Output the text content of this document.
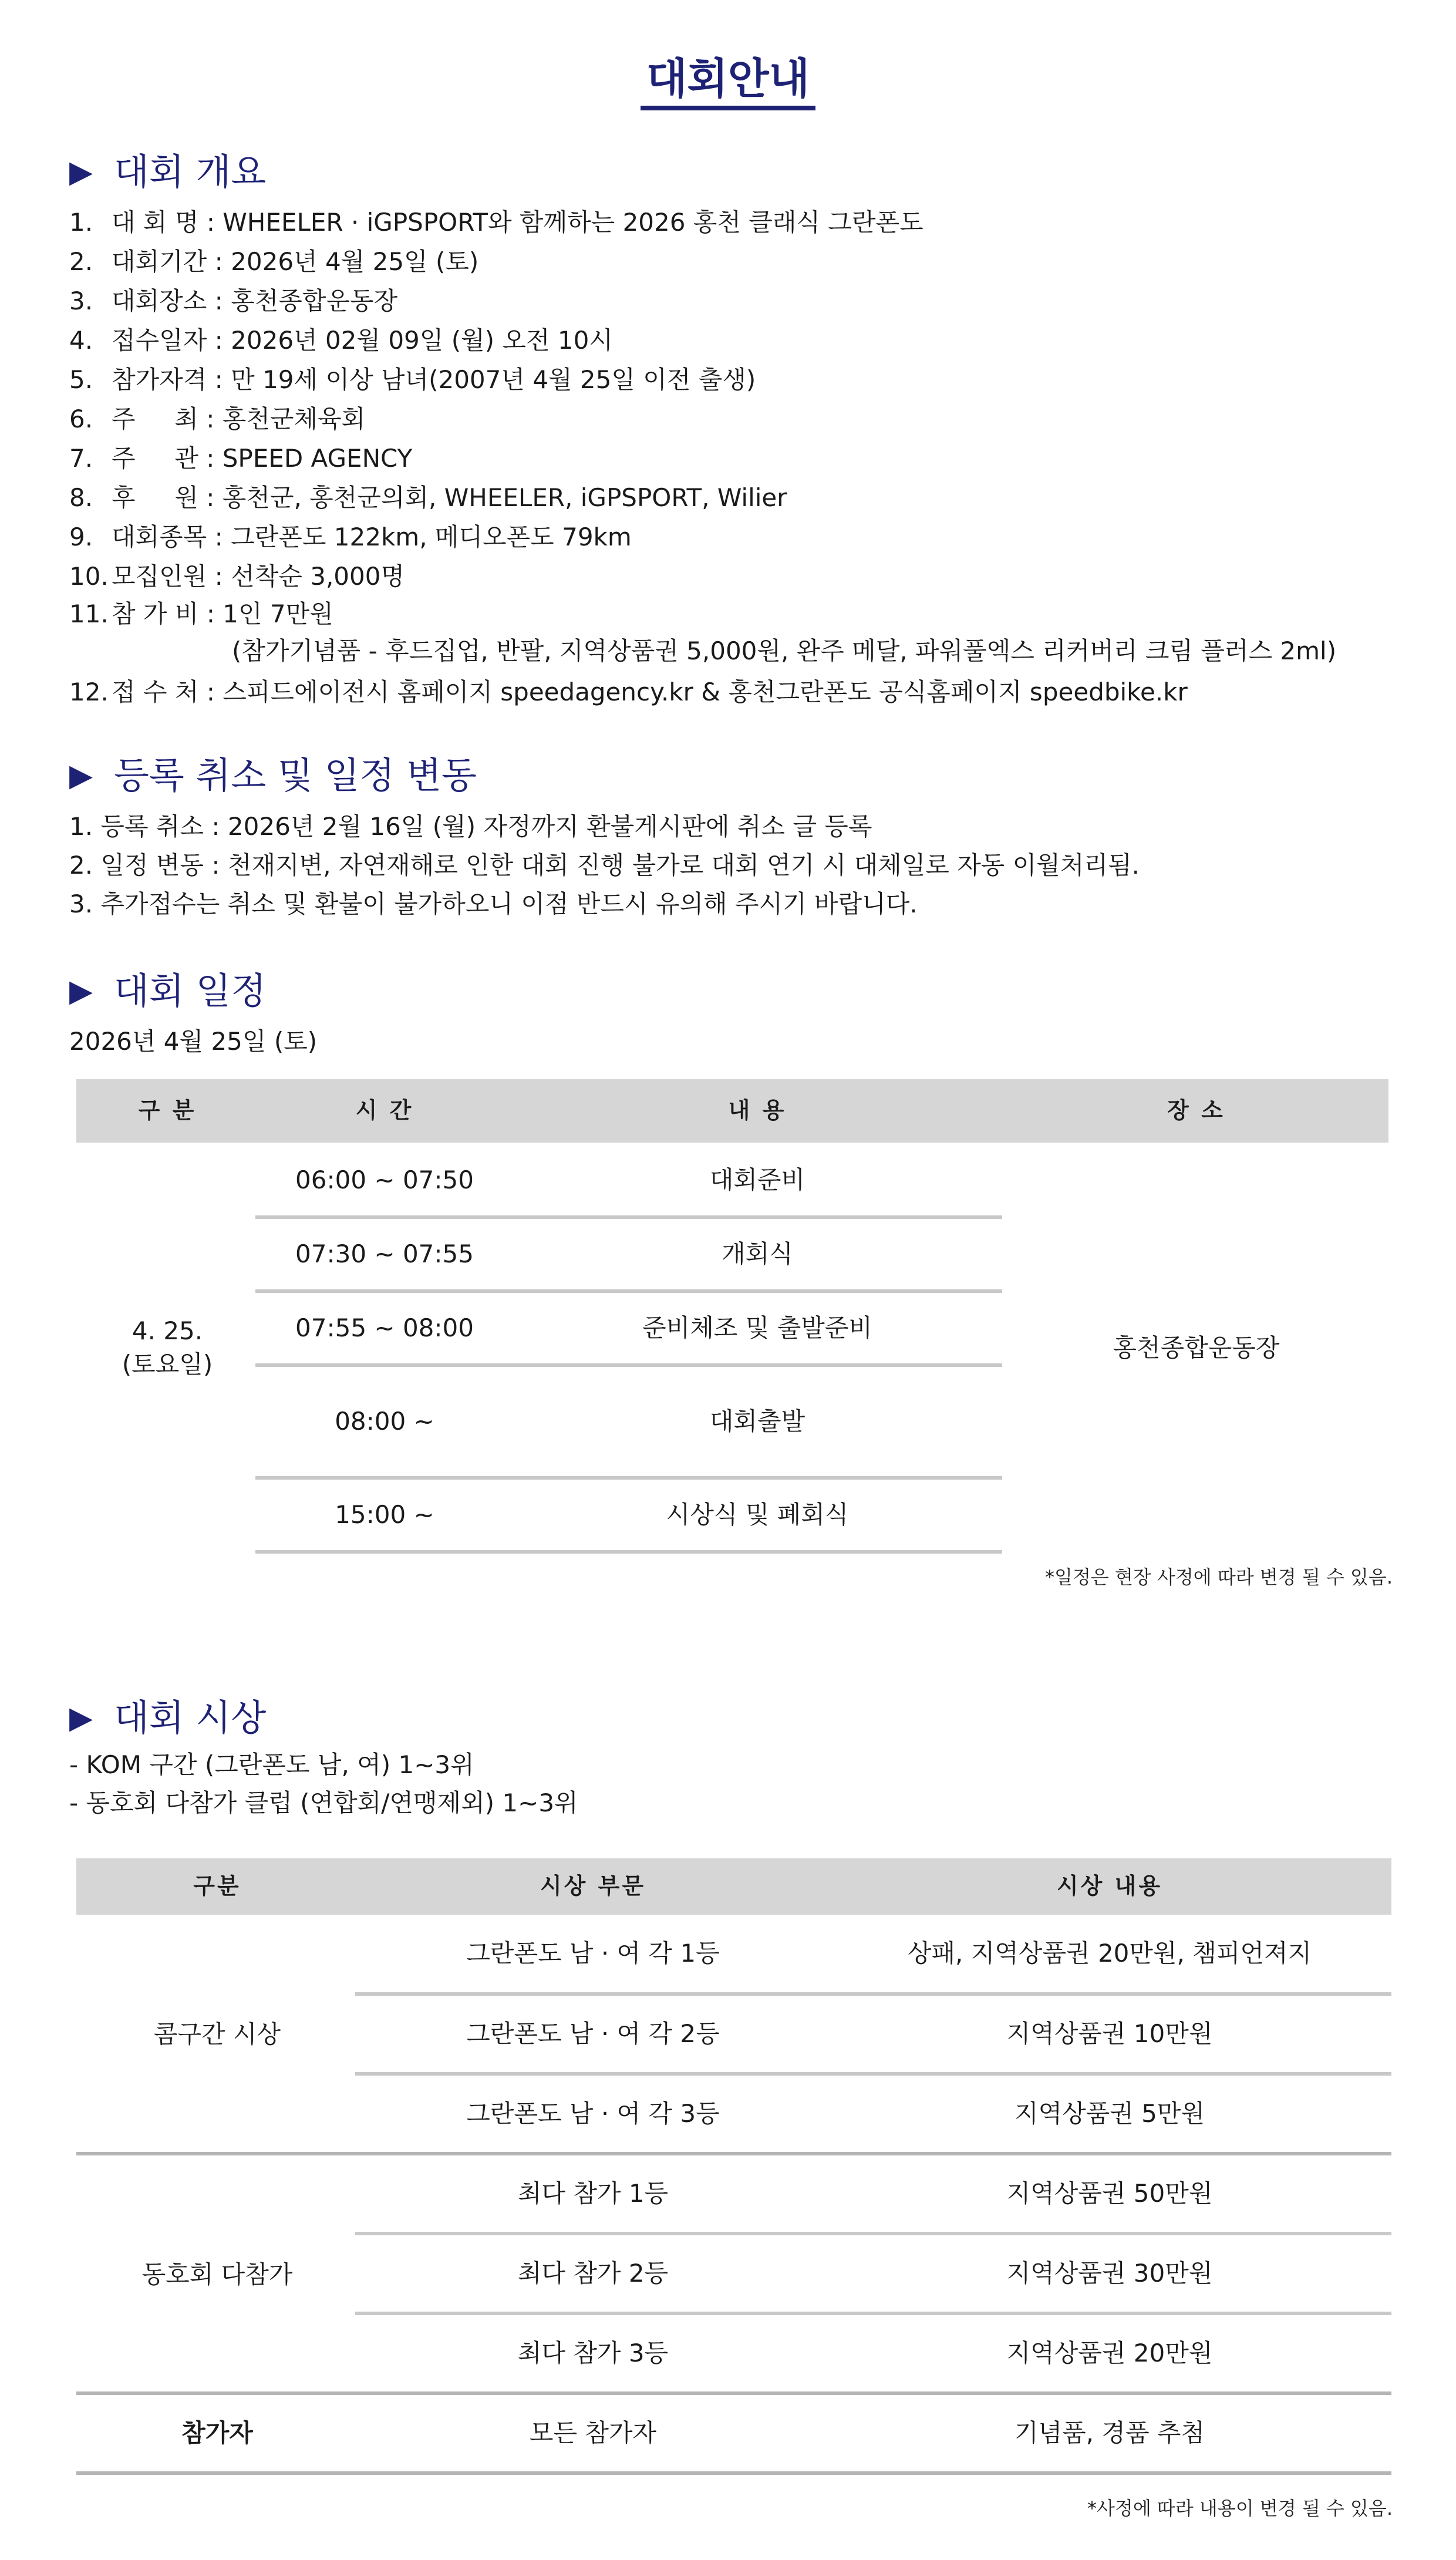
대회안내
▶ 대회 개요
1. 대 회 명 : WHEELER · iGPSPORT와 함께하는 2026 홍천 클래식 그란폰도
2. 대회기간 : 2026년 4월 25일 (토)
3. 대회장소 : 홍천종합운동장
4. 접수일자 : 2026년 02월 09일 (월) 오전 10시
5. 참가자격 : 만 19세 이상 남녀(2007년 4월 25일 이전 출생)
6. 주     최 : 홍천군체육회
7. 주     관 : SPEED AGENCY
8. 후     원 : 홍천군, 홍천군의회, WHEELER, iGPSPORT, Wilier
9. 대회종목 : 그란폰도 122km, 메디오폰도 79km
10. 모집인원 : 선착순 3,000명
11. 참 가 비 : 1인 7만원
12. 접 수 처 : 스피드에이전시 홈페이지 speedagency.kr & 홍천그란폰도 공식홈페이지 speedbike.kr
(참가기념품 - 후드집업, 반팔, 지역상품권 5,000원, 완주 메달, 파워풀엑스 리커버리 크림 플러스 2ml)
▶ 등록 취소 및 일정 변동
1. 등록 취소 : 2026년 2월 16일 (월) 자정까지 환불게시판에 취소 글 등록
2. 일정 변동 : 천재지변, 자연재해로 인한 대회 진행 불가로 대회 연기 시 대체일로 자동 이월처리됨.
3. 추가접수는 취소 및 환불이 불가하오니 이점 반드시 유의해 주시기 바랍니다.
▶ 대회 일정
2026년 4월 25일 (토)
구 분	시 간	내 용	장 소
4. 25.
(토요일)
홍천종합운동장
06:00 ~ 07:50	대회준비
07:30 ~ 07:55	개회식
07:55 ~ 08:00	준비체조 및 출발준비
08:00 ~	대회출발
15:00 ~	시상식 및 폐회식
*일정은 현장 사정에 따라 변경 될 수 있음.
▶ 대회 시상
- KOM 구간 (그란폰도 남, 여) 1~3위
- 동호회 다참가 클럽 (연합회/연맹제외) 1~3위
구분	시상 부문	시상 내용
콤구간 시상
그란폰도 남 · 여 각 1등	상패, 지역상품권 20만원, 챔피언져지
그란폰도 남 · 여 각 2등	지역상품권 10만원
그란폰도 남 · 여 각 3등	지역상품권 5만원
동호회 다참가
최다 참가 1등	지역상품권 50만원
최다 참가 2등	지역상품권 30만원
최다 참가 3등	지역상품권 20만원
참가자	모든 참가자	기념품, 경품 추첨
*사정에 따라 내용이 변경 될 수 있음.
